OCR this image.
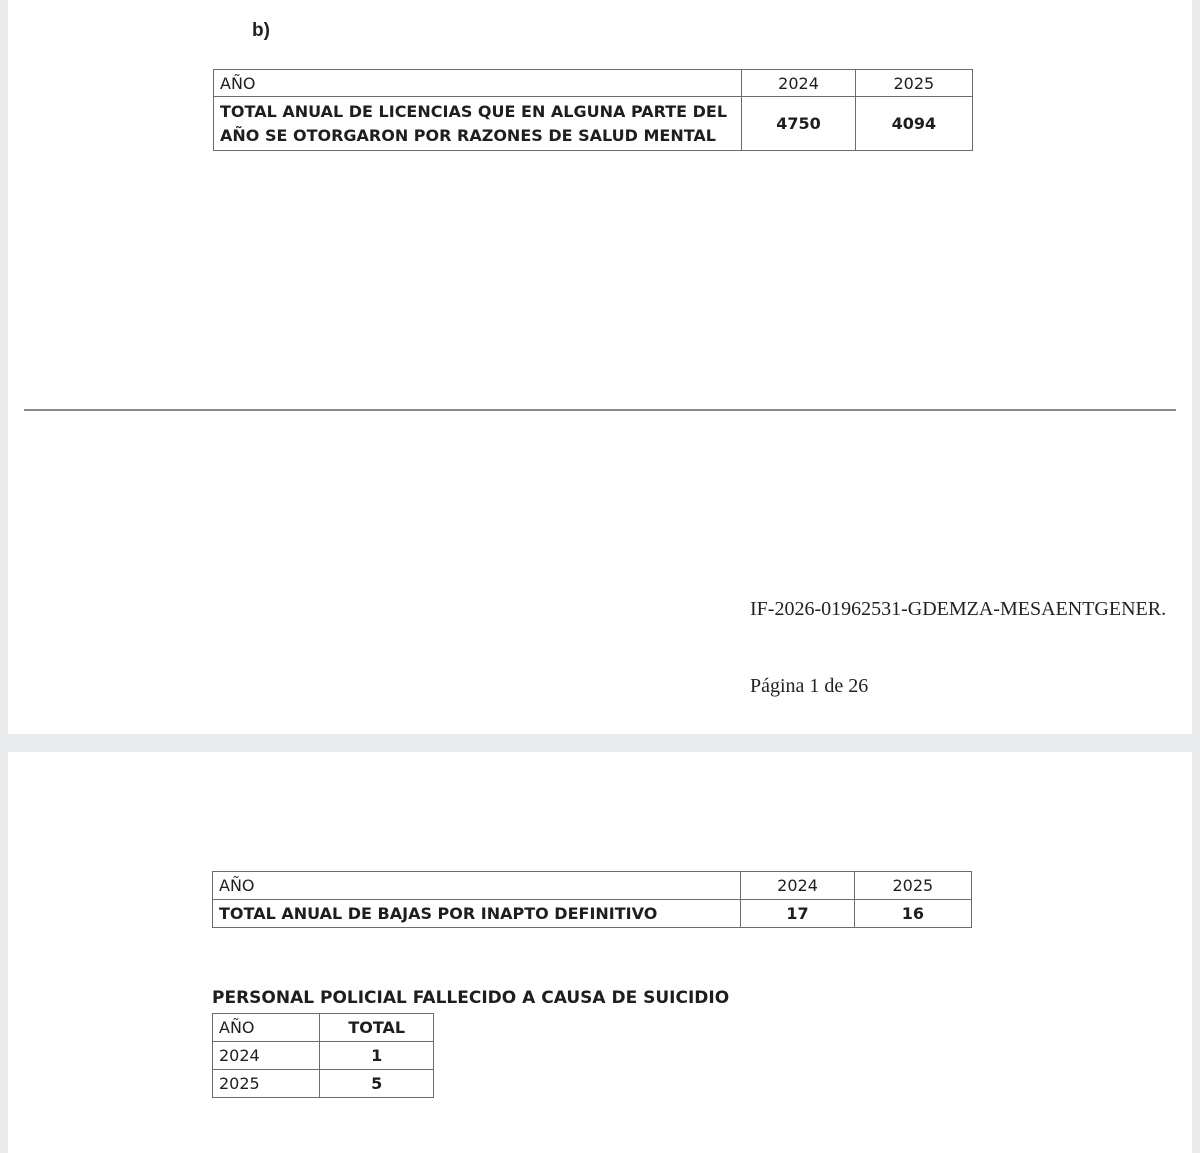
b)
AÑO	2024	2025

TOTAL ANUAL DE LICENCIAS QUE EN ALGUNA PARTE DEL
AÑO SE OTORGARON POR RAZONES DE SALUD MENTAL	4750	4094
IF-2026-01962531-GDEMZA-MESAENTGENER.
Página 1 de 26
AÑO	2024	2025
TOTAL ANUAL DE BAJAS POR INAPTO DEFINITIVO	17	16
PERSONAL POLICIAL FALLECIDO A CAUSA DE SUICIDIO
AÑO	TOTAL
2024	1
2025	5
